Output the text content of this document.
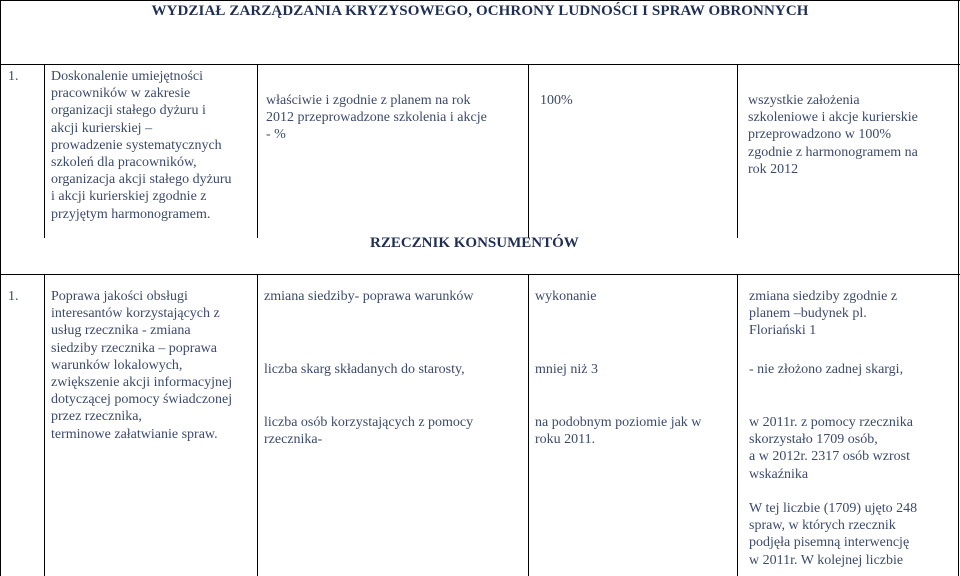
WYDZIAŁ ZARZĄDZANIA KRYZYSOWEGO, OCHRONY LUDNOŚCI I SPRAW OBRONNYCH
1. Doskonalenie umiejętności
pracowników w zakresie
organizacji stałego dyżuru i
akcji kurierskiej –
prowadzenie systematycznych
szkoleń dla pracowników,
organizacja akcji stałego dyżuru
i akcji kurierskiej zgodnie z
przyjętym harmonogramem.
właściwie i zgodnie z planem na rok
2012 przeprowadzone szkolenia i akcje
- %
100%	wszystkie założenia
szkoleniowe i akcje kurierskie
przeprowadzono w 100%
zgodnie z harmonogramem na
rok 2012
RZECZNIK KONSUMENTÓW
1. Poprawa jakości obsługi
interesantów korzystających z
usług rzecznika - zmiana
siedziby rzecznika – poprawa
warunków lokalowych,
zwiększenie akcji informacyjnej
dotyczącej pomocy świadczonej
przez rzecznika,
terminowe załatwianie spraw.
zmiana siedziby- poprawa warunków
liczba skarg składanych do starosty,
liczba osób korzystających z pomocy
rzecznika-
wykonanie
mniej niż 3
na podobnym poziomie jak w
roku 2011.
zmiana siedziby zgodnie z
planem –budynek pl.
Floriański 1
- nie złożono zadnej skargi,
w 2011r. z pomocy rzecznika
skorzystało 1709 osób,
a w 2012r. 2317 osób wzrost
wskaźnika
W tej liczbie (1709) ujęto 248
spraw, w których rzecznik
podjęła pisemną interwencję
w 2011r. W kolejnej liczbie
